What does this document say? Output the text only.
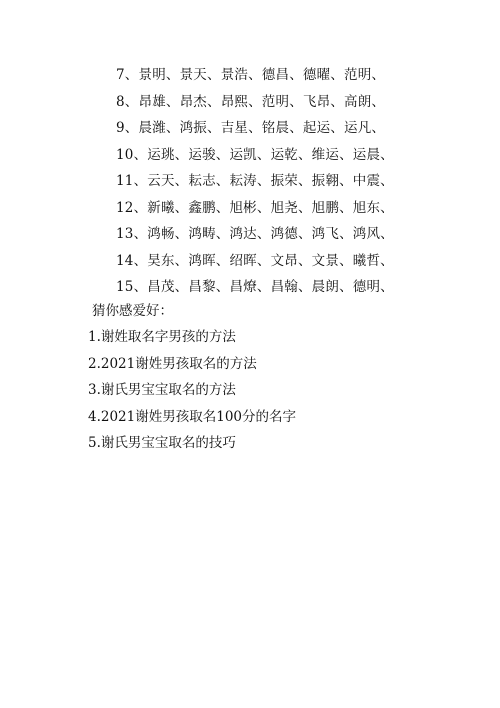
7、景明、景天、景浩、德昌、德曜、范明、
8、昂雄、昂杰、昂熙、范明、飞昂、高朗、
9、晨潍、鸿振、吉星、铭晨、起运、运凡、
10、运珧、运骏、运凯、运乾、维运、运晨、
11、云天、耘志、耘涛、振荣、振翱、中震、
12、新曦、鑫鹏、旭彬、旭尧、旭鹏、旭东、
13、鸿畅、鸿畴、鸿达、鸿德、鸿飞、鸿风、
14、昊东、鸿晖、绍晖、文昂、文景、曦哲、
15、昌茂、昌黎、昌燎、昌翰、晨朗、德明、
猜你感爱好：
1.谢姓取名字男孩的方法
2.2021谢姓男孩取名的方法
3.谢氏男宝宝取名的方法
4.2021谢姓男孩取名100分的名字
5.谢氏男宝宝取名的技巧
